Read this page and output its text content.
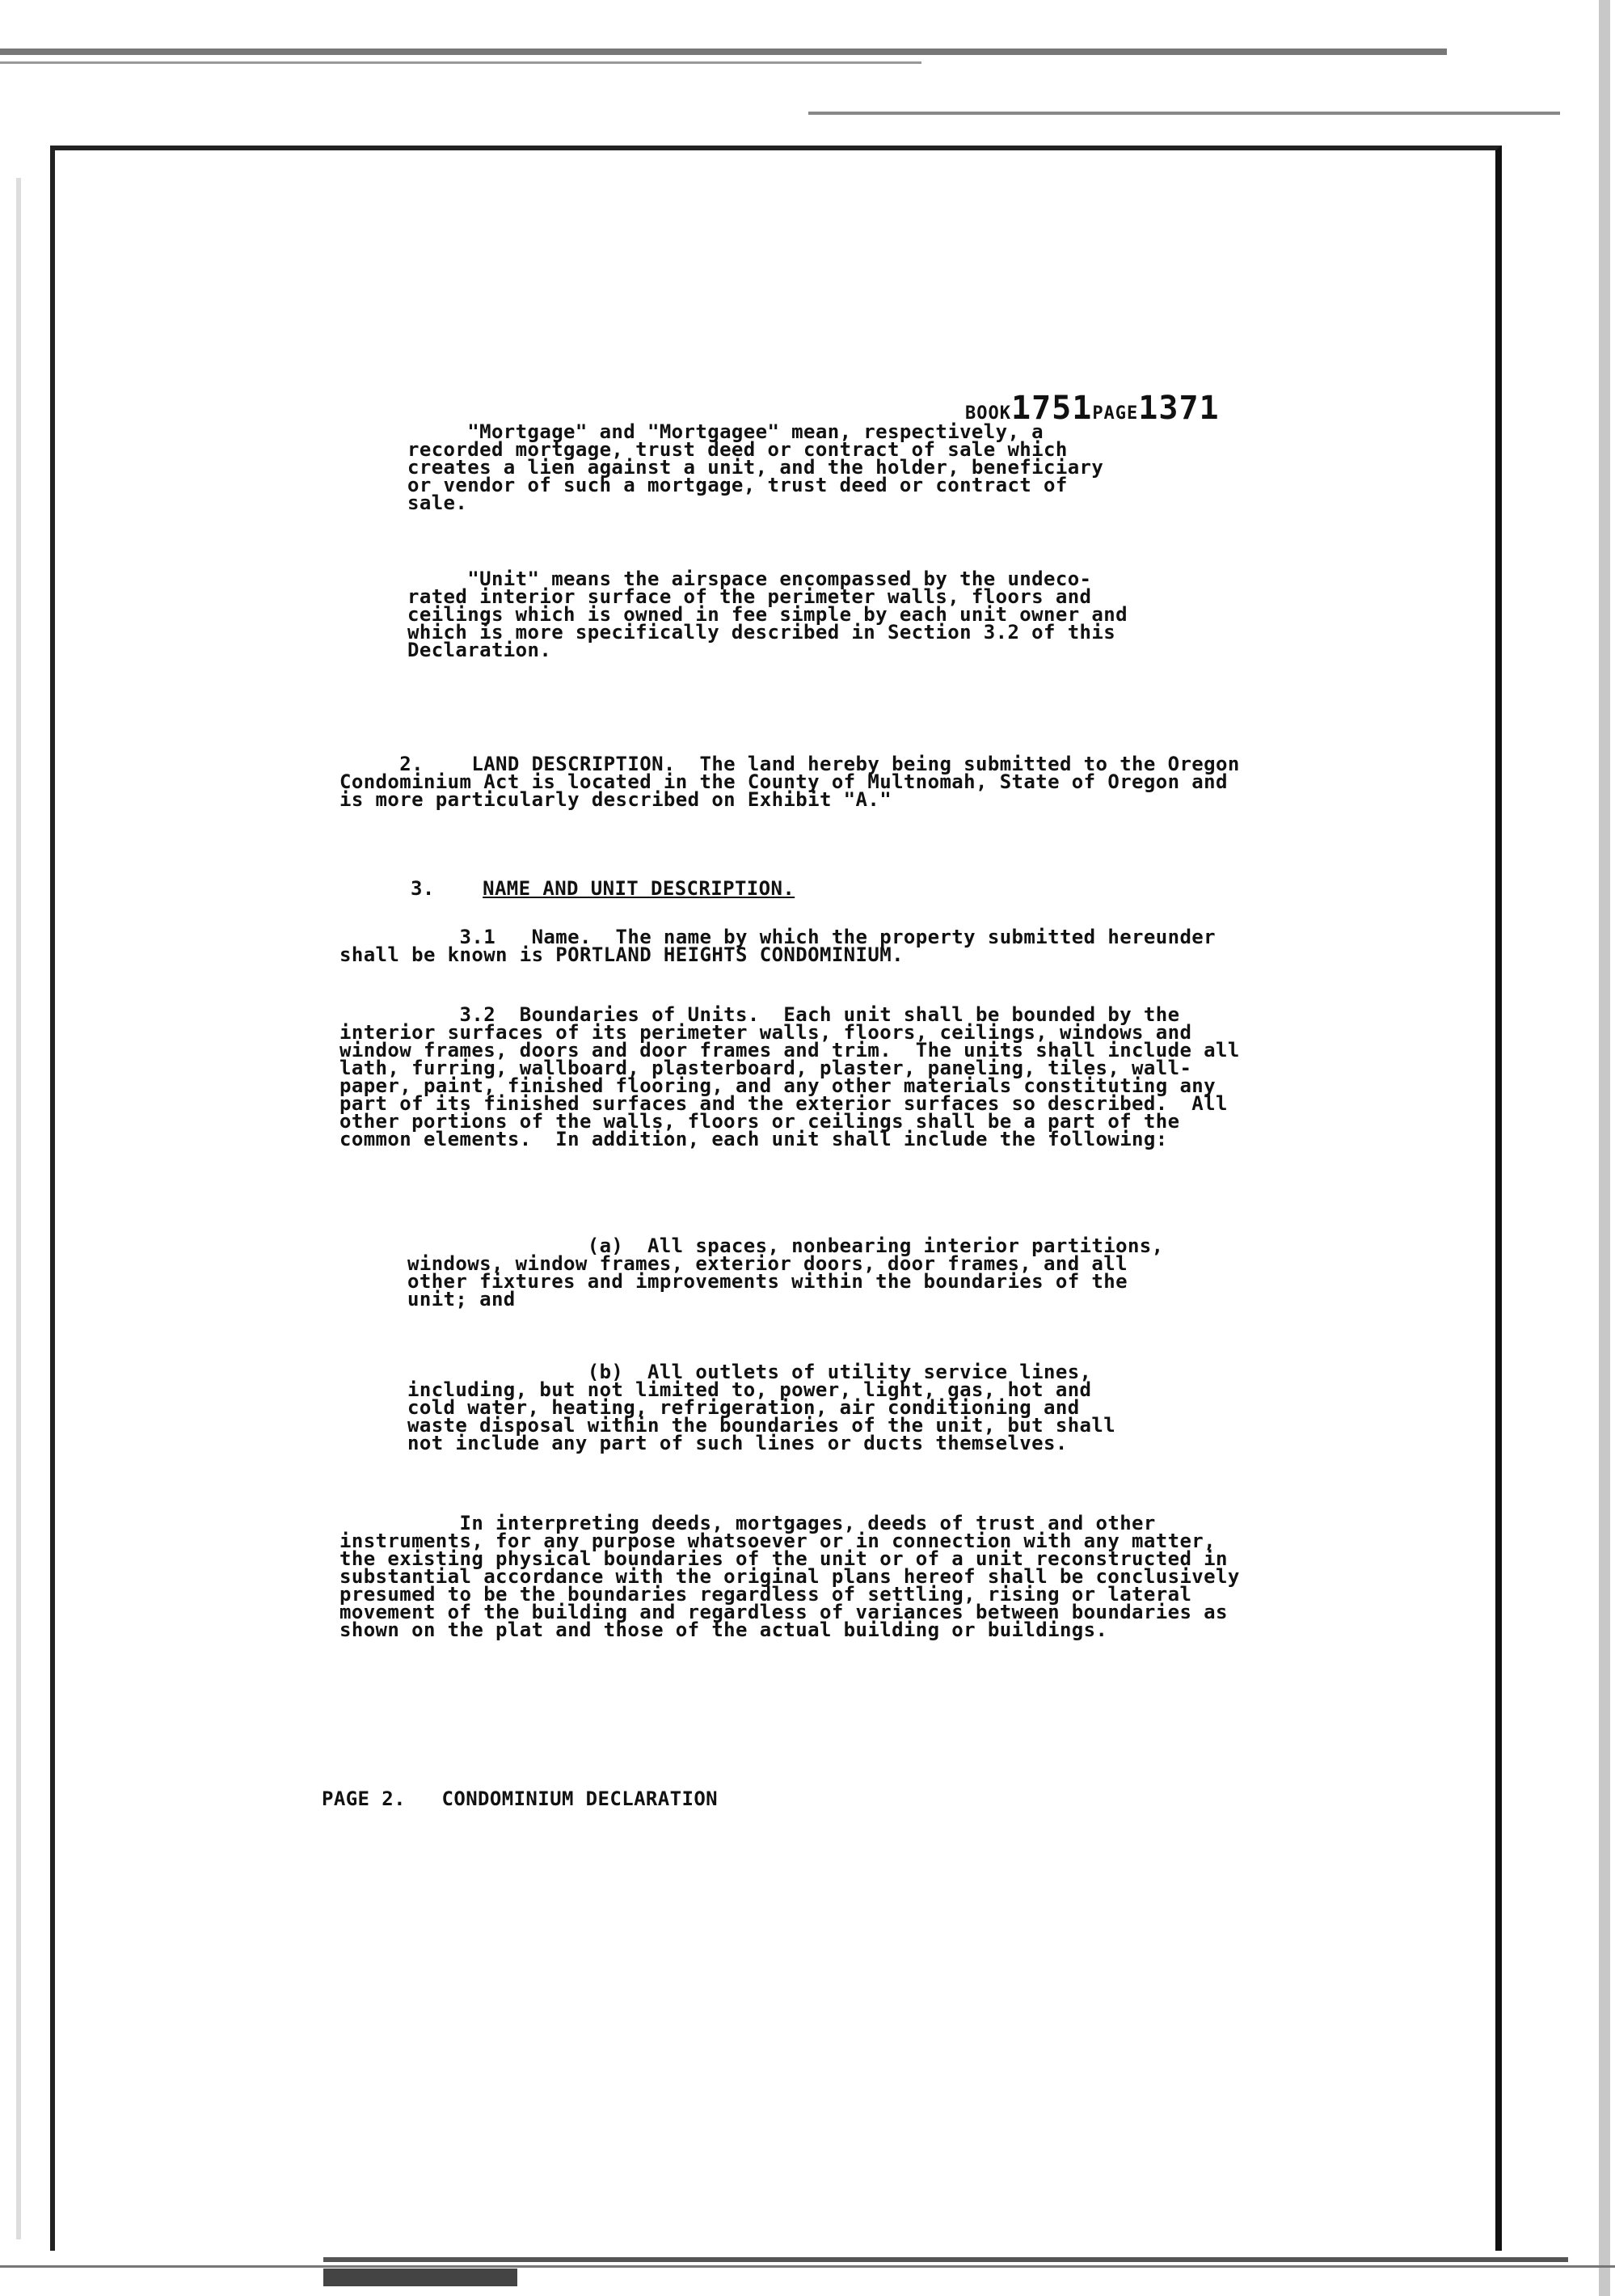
BOOK1751PAGE1371
"Mortgage" and "Mortgagee" mean, respectively, a
recorded mortgage, trust deed or contract of sale which
creates a lien against a unit, and the holder, beneficiary
or vendor of such a mortgage, trust deed or contract of
sale.
"Unit" means the airspace encompassed by the undeco-
rated interior surface of the perimeter walls, floors and
ceilings which is owned in fee simple by each unit owner and
which is more specifically described in Section 3.2 of this
Declaration.
2.    LAND DESCRIPTION.  The land hereby being submitted to the Oregon
Condominium Act is located in the County of Multnomah, State of Oregon and
is more particularly described on Exhibit "A."
3. NAME AND UNIT DESCRIPTION.
3.1   Name.  The name by which the property submitted hereunder
shall be known is PORTLAND HEIGHTS CONDOMINIUM.
3.2  Boundaries of Units.  Each unit shall be bounded by the
interior surfaces of its perimeter walls, floors, ceilings, windows and
window frames, doors and door frames and trim.  The units shall include all
lath, furring, wallboard, plasterboard, plaster, paneling, tiles, wall-
paper, paint, finished flooring, and any other materials constituting any
part of its finished surfaces and the exterior surfaces so described.  All
other portions of the walls, floors or ceilings shall be a part of the
common elements.  In addition, each unit shall include the following:
(a)  All spaces, nonbearing interior partitions,
windows, window frames, exterior doors, door frames, and all
other fixtures and improvements within the boundaries of the
unit; and
(b)  All outlets of utility service lines,
including, but not limited to, power, light, gas, hot and
cold water, heating, refrigeration, air conditioning and
waste disposal within the boundaries of the unit, but shall
not include any part of such lines or ducts themselves.
In interpreting deeds, mortgages, deeds of trust and other
instruments, for any purpose whatsoever or in connection with any matter,
the existing physical boundaries of the unit or of a unit reconstructed in
substantial accordance with the original plans hereof shall be conclusively
presumed to be the boundaries regardless of settling, rising or lateral
movement of the building and regardless of variances between boundaries as
shown on the plat and those of the actual building or buildings.
PAGE 2.   CONDOMINIUM DECLARATION
